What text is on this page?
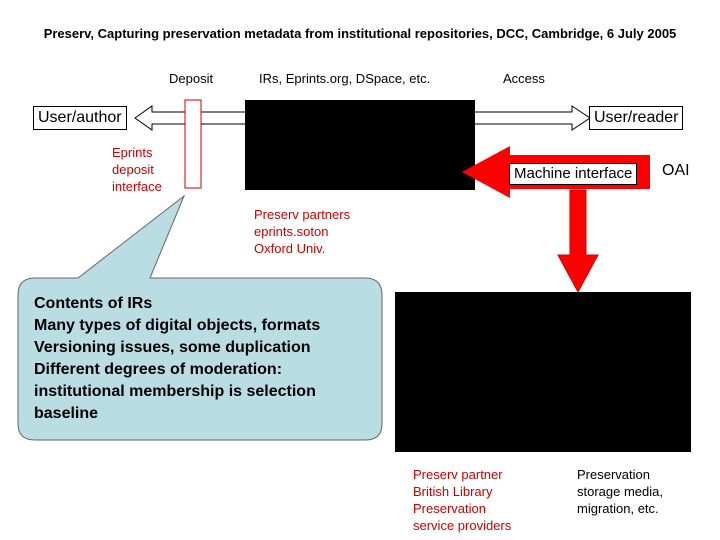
Preserv, Capturing preservation metadata from institutional repositories, DCC, Cambridge, 6 July 2005
Deposit	IRs, Eprints.org, DSpace, etc.	Access
User/author	User/reader
Eprints
deposit
interface
Machine interface	OAI
Preserv partners
eprints.soton
Oxford Univ.
Contents of IRs
Many types of digital objects, formats
Versioning issues, some duplication
Different degrees of moderation:
institutional membership is selection
baseline
Preserv partner
British Library
Preservation
service providers
Preservation
storage media,
migration, etc.
